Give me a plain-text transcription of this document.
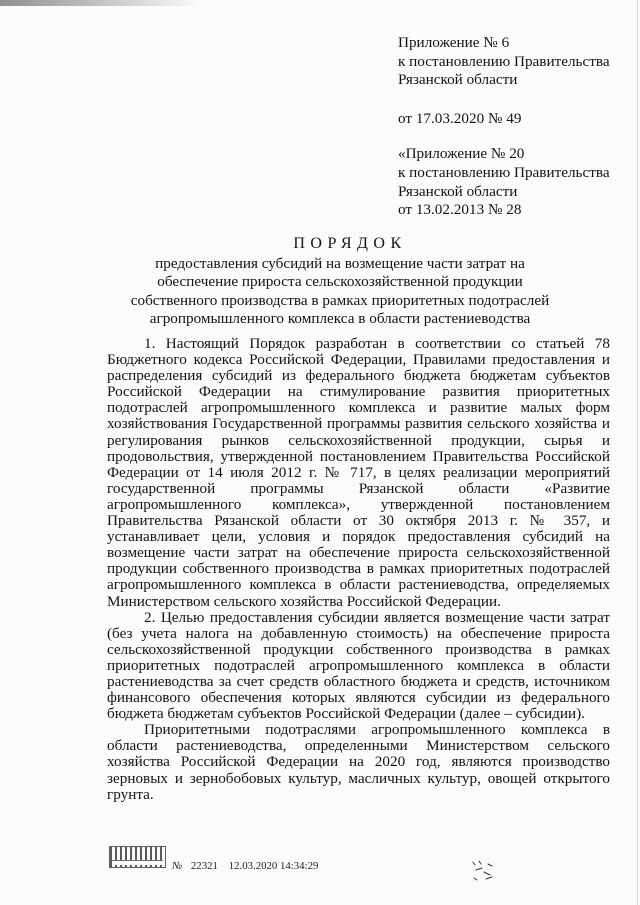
Приложение № 6
к постановлению Правительства
Рязанской области
от 17.03.2020 № 49
«Приложение № 20
к постановлению Правительства
Рязанской области
от 13.02.2013 № 28
ПОРЯДОК
предоставления субсидий на возмещение части затрат на
обеспечение прироста сельскохозяйственной продукции
собственного производства в рамках приоритетных подотраслей
агропромышленного комплекса в области растениеводства

1. Настоящий Порядок разработан в соответствии со статьей 78 Бюджетного кодекса Российской Федерации, Правилами предоставления и распределения субсидий из федерального бюджета бюджетам субъектов Российской Федерации на стимулирование развития приоритетных подотраслей агропромышленного комплекса и развитие малых форм хозяйствования Государственной программы развития сельского хозяйства и регулирования рынков сельскохозяйственной продукции, сырья и продовольствия, утвержденной постановлением Правительства Российской Федерации от 14 июля 2012 г. № 717, в целях реализации мероприятий государственной программы Рязанской области «Развитие агропромышленного комплекса», утвержденной постановлением Правительства Рязанской области от 30 октября 2013 г. № 357, и устанавливает цели, условия и порядок предоставления субсидий на возмещение части затрат на обеспечение прироста сельскохозяйственной продукции собственного производства в рамках приоритетных подотраслей агропромышленного комплекса в области растениеводства, определяемых Министерством сельского хозяйства Российской Федерации.

2. Целью предоставления субсидии является возмещение части затрат (без учета налога на добавленную стоимость) на обеспечение прироста сельскохозяйственной продукции собственного производства в рамках приоритетных подотраслей агропромышленного комплекса в области растениеводства за счет средств областного бюджета и средств, источником финансового обеспечения которых являются субсидии из федерального бюджета бюджетам субъектов Российской Федерации (далее – субсидии).

Приоритетными подотраслями агропромышленного комплекса в области растениеводства, определенными Министерством сельского хозяйства Российской Федерации на 2020 год, являются производство зерновых и зернобобовых культур, масличных культур, овощей открытого грунта.

№ 22321 12.03.2020 14:34:29
